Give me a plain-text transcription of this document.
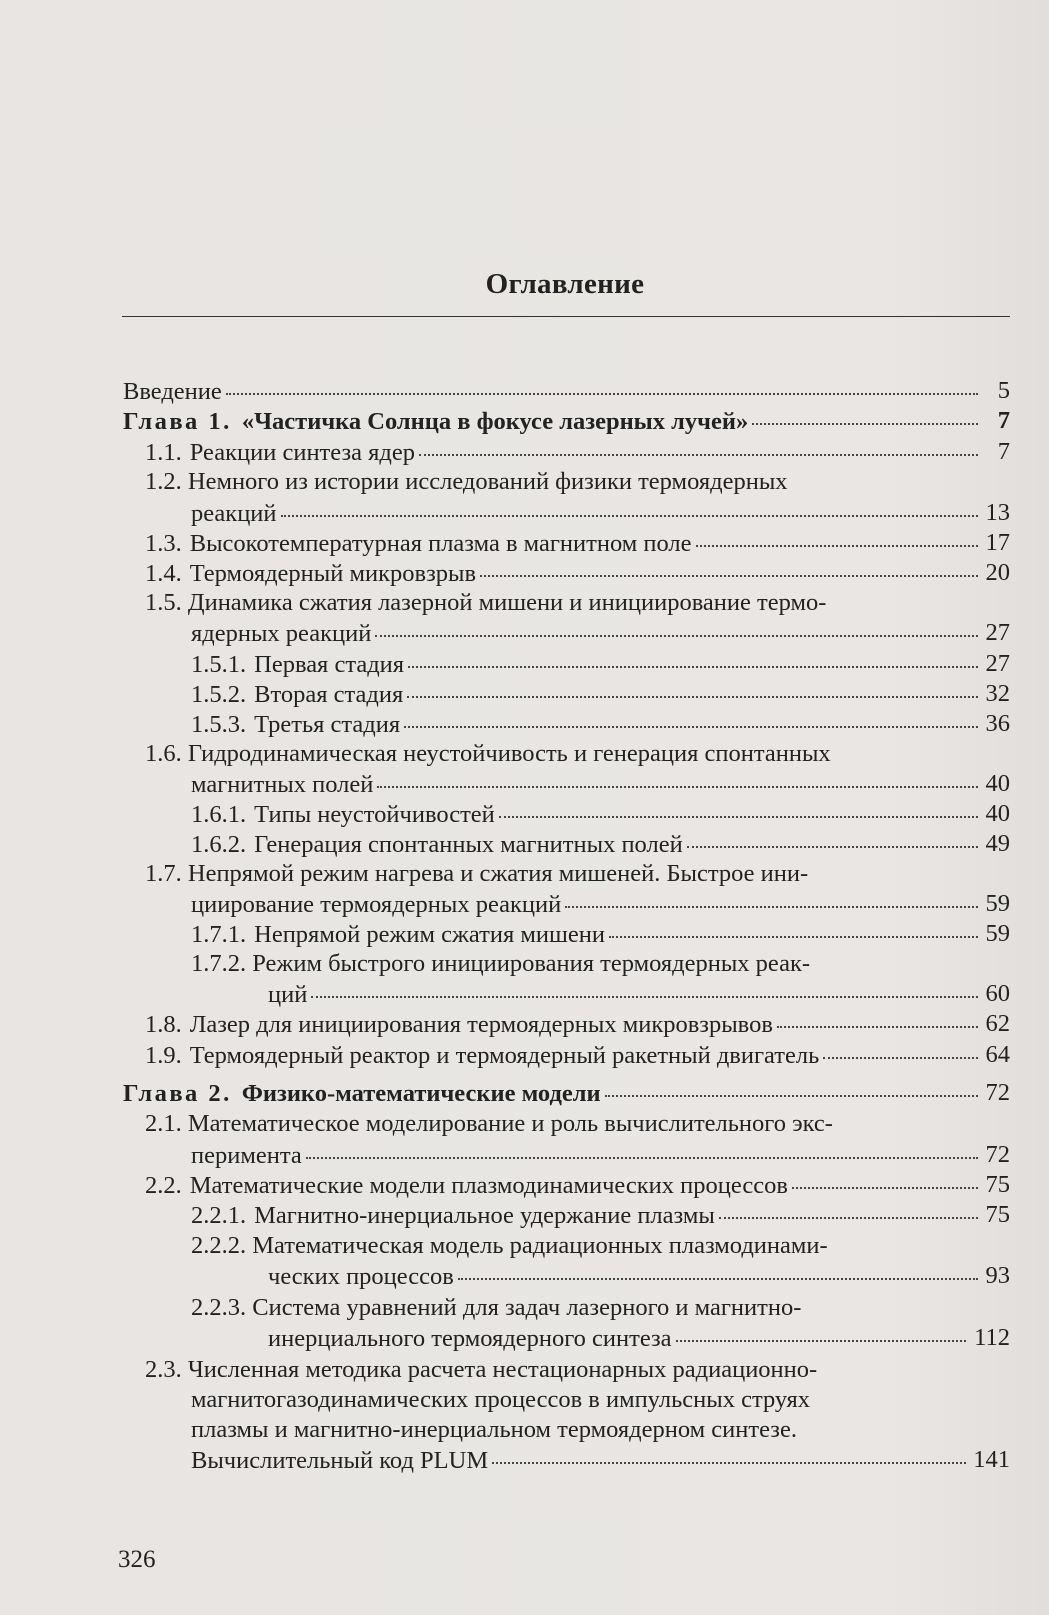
Оглавление
Введение	5
Глава 1. «Частичка Солнца в фокусе лазерных лучей»	7
1.1. Реакции синтеза ядер	7
1.2. Немного из истории исследований физики термоядерных
реакций	13
1.3. Высокотемпературная плазма в магнитном поле	17
1.4. Термоядерный микровзрыв	20
1.5. Динамика сжатия лазерной мишени и инициирование термо-
ядерных реакций	27
1.5.1. Первая стадия	27
1.5.2. Вторая стадия	32
1.5.3. Третья стадия	36
1.6. Гидродинамическая неустойчивость и генерация спонтанных
магнитных полей	40
1.6.1. Типы неустойчивостей	40
1.6.2. Генерация спонтанных магнитных полей	49
1.7. Непрямой режим нагрева и сжатия мишеней. Быстрое ини-
циирование термоядерных реакций	59
1.7.1. Непрямой режим сжатия мишени	59
1.7.2. Режим быстрого инициирования термоядерных реак-
ций	60
1.8. Лазер для инициирования термоядерных микровзрывов	62
1.9. Термоядерный реактор и термоядерный ракетный двигатель	64
Глава 2. Физико-математические модели	72
2.1. Математическое моделирование и роль вычислительного экс-
перимента	72
2.2. Математические модели плазмодинамических процессов	75
2.2.1. Магнитно-инерциальное удержание плазмы	75
2.2.2. Математическая модель радиационных плазмодинами-
ческих процессов	93
2.2.3. Система уравнений для задач лазерного и магнитно-
инерциального термоядерного синтеза	112
2.3. Численная методика расчета нестационарных радиационно-
магнитогазодинамических процессов в импульсных струях
плазмы и магнитно-инерциальном термоядерном синтезе.
Вычислительный код PLUM	141
326
